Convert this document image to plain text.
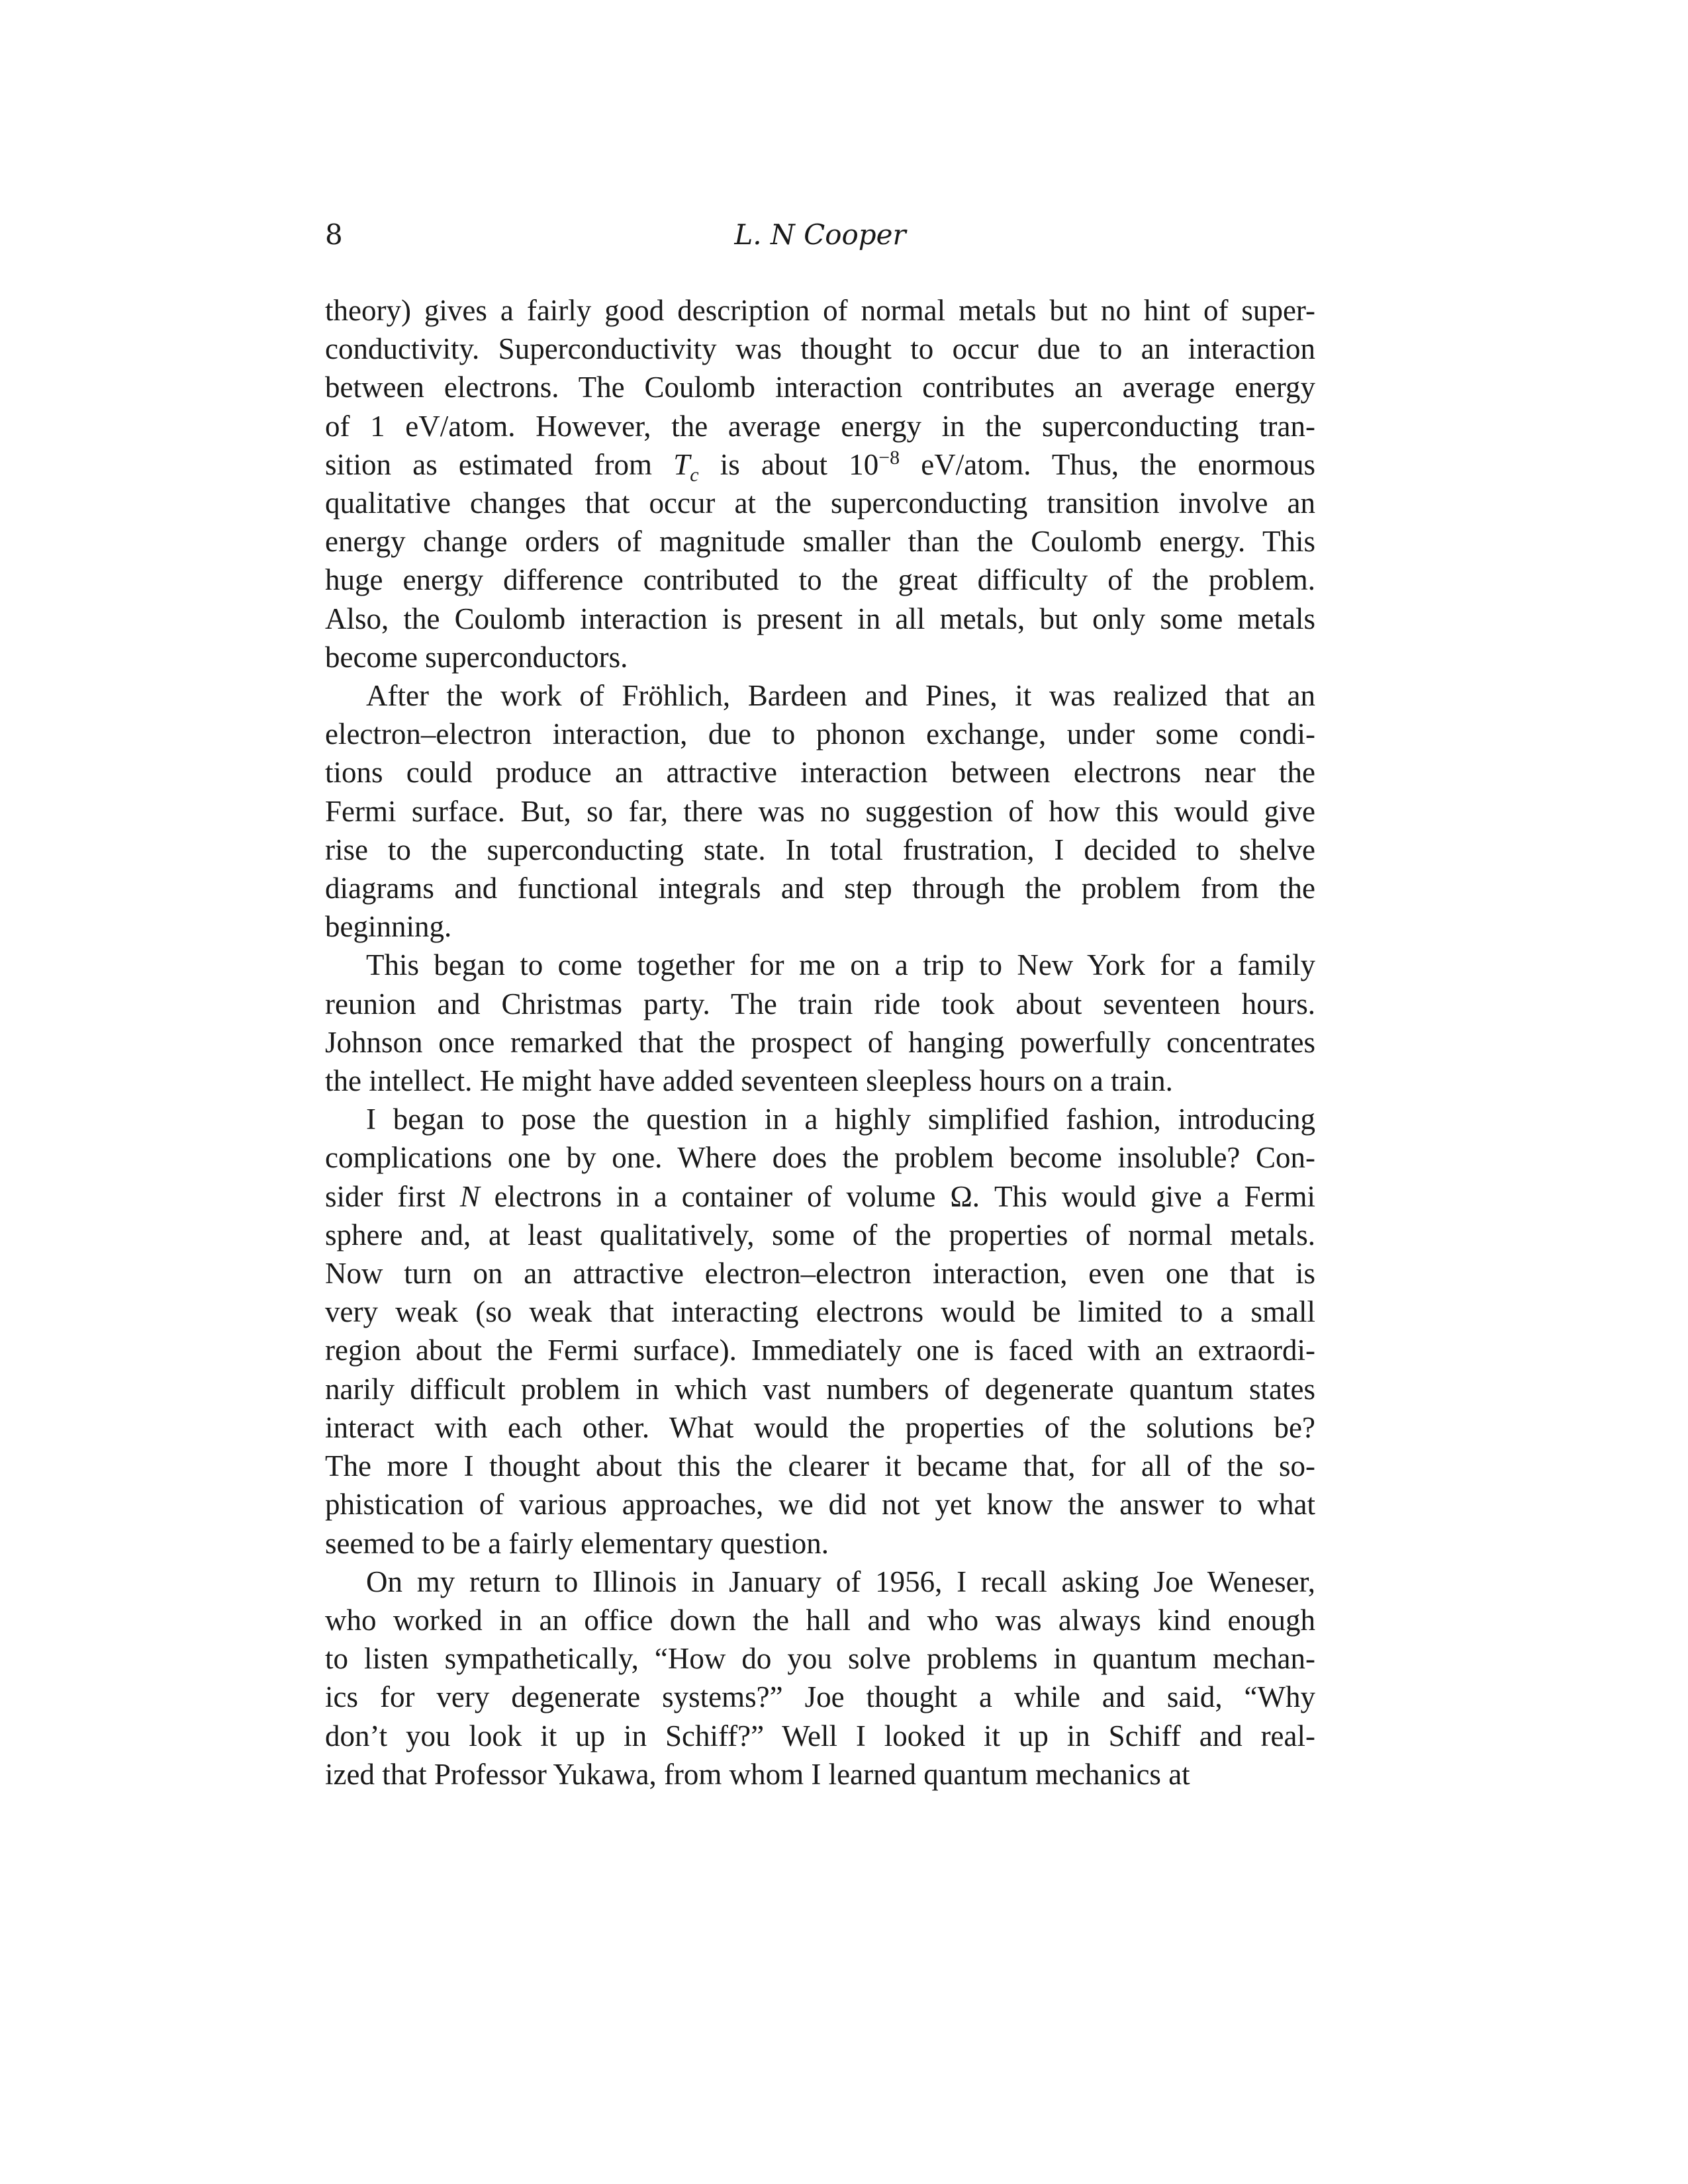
8	L. N Cooper

theory) gives a fairly good description of normal metals but no hint of super-
conductivity. Superconductivity was thought to occur due to an interaction
between electrons. The Coulomb interaction contributes an average energy
of 1 eV/atom. However, the average energy in the superconducting tran-
sition as estimated from $T_c$ is about $10^{-8}$ eV/atom. Thus, the enormous
qualitative changes that occur at the superconducting transition involve an
energy change orders of magnitude smaller than the Coulomb energy. This
huge energy difference contributed to the great difficulty of the problem.
Also, the Coulomb interaction is present in all metals, but only some metals
become superconductors.

After the work of Fröhlich, Bardeen and Pines, it was realized that an
electron–electron interaction, due to phonon exchange, under some condi-
tions could produce an attractive interaction between electrons near the
Fermi surface. But, so far, there was no suggestion of how this would give
rise to the superconducting state. In total frustration, I decided to shelve
diagrams and functional integrals and step through the problem from the
beginning.

This began to come together for me on a trip to New York for a family
reunion and Christmas party. The train ride took about seventeen hours.
Johnson once remarked that the prospect of hanging powerfully concentrates
the intellect. He might have added seventeen sleepless hours on a train.

I began to pose the question in a highly simplified fashion, introducing
complications one by one. Where does the problem become insoluble? Con-
sider first N electrons in a container of volume Ω. This would give a Fermi
sphere and, at least qualitatively, some of the properties of normal metals.
Now turn on an attractive electron–electron interaction, even one that is
very weak (so weak that interacting electrons would be limited to a small
region about the Fermi surface). Immediately one is faced with an extraordi-
narily difficult problem in which vast numbers of degenerate quantum states
interact with each other. What would the properties of the solutions be?
The more I thought about this the clearer it became that, for all of the so-
phistication of various approaches, we did not yet know the answer to what
seemed to be a fairly elementary question.

On my return to Illinois in January of 1956, I recall asking Joe Weneser,
who worked in an office down the hall and who was always kind enough
to listen sympathetically, “How do you solve problems in quantum mechan-
ics for very degenerate systems?” Joe thought a while and said, “Why
don’t you look it up in Schiff?” Well I looked it up in Schiff and real-
ized that Professor Yukawa, from whom I learned quantum mechanics at
